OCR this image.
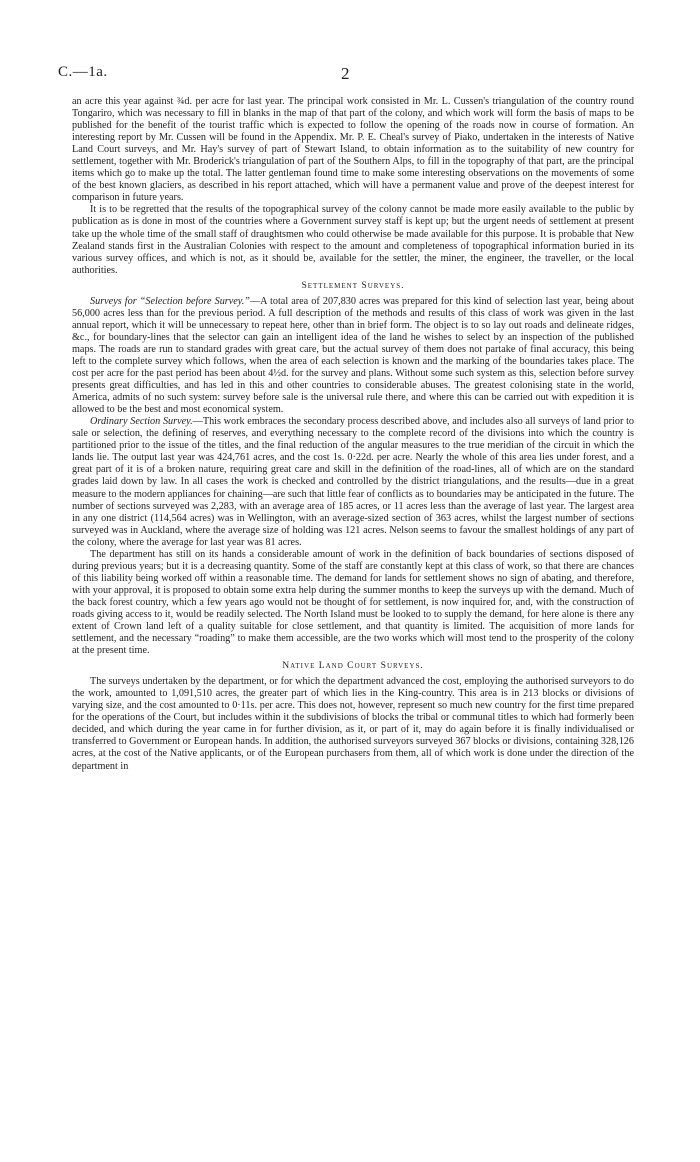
C.—1a.	2

an acre this year against ¾d. per acre for last year. The principal work consisted in Mr. L. Cussen's triangulation of the country round Tongariro, which was necessary to fill in blanks in the map of that part of the colony, and which work will form the basis of maps to be published for the benefit of the tourist traffic which is expected to follow the opening of the roads now in course of formation. An interesting report by Mr. Cussen will be found in the Appendix. Mr. P. E. Cheal's survey of Piako, undertaken in the interests of Native Land Court surveys, and Mr. Hay's survey of part of Stewart Island, to obtain information as to the suitability of new country for settlement, together with Mr. Broderick's triangulation of part of the Southern Alps, to fill in the topography of that part, are the principal items which go to make up the total. The latter gentleman found time to make some interesting observations on the movements of some of the best known glaciers, as described in his report attached, which will have a permanent value and prove of the deepest interest for comparison in future years.

It is to be regretted that the results of the topographical survey of the colony cannot be made more easily available to the public by publication as is done in most of the countries where a Government survey staff is kept up; but the urgent needs of settlement at present take up the whole time of the small staff of draughtsmen who could otherwise be made available for this purpose. It is probable that New Zealand stands first in the Australian Colonies with respect to the amount and completeness of topographical information buried in its various survey offices, and which is not, as it should be, available for the settler, the miner, the engineer, the traveller, or the local authorities.

Settlement Surveys.

Surveys for “Selection before Survey.”—A total area of 207,830 acres was prepared for this kind of selection last year, being about 56,000 acres less than for the previous period. A full description of the methods and results of this class of work was given in the last annual report, which it will be unnecessary to repeat here, other than in brief form. The object is to so lay out roads and delineate ridges, &c., for boundary-lines that the selector can gain an intelligent idea of the land he wishes to select by an inspection of the published maps. The roads are run to standard grades with great care, but the actual survey of them does not partake of final accuracy, this being left to the complete survey which follows, when the area of each selection is known and the marking of the boundaries takes place. The cost per acre for the past period has been about 4½d. for the survey and plans. Without some such system as this, selection before survey presents great difficulties, and has led in this and other countries to considerable abuses. The greatest colonising state in the world, America, admits of no such system: survey before sale is the universal rule there, and where this can be carried out with expedition it is allowed to be the best and most economical system.

Ordinary Section Survey.—This work embraces the secondary process described above, and includes also all surveys of land prior to sale or selection, the defining of reserves, and everything necessary to the complete record of the divisions into which the country is partitioned prior to the issue of the titles, and the final reduction of the angular measures to the true meridian of the circuit in which the lands lie. The output last year was 424,761 acres, and the cost 1s. 0·22d. per acre. Nearly the whole of this area lies under forest, and a great part of it is of a broken nature, requiring great care and skill in the definition of the road-lines, all of which are on the standard grades laid down by law. In all cases the work is checked and controlled by the district triangulations, and the results—due in a great measure to the modern appliances for chaining—are such that little fear of conflicts as to boundaries may be anticipated in the future. The number of sections surveyed was 2,283, with an average area of 185 acres, or 11 acres less than the average of last year. The largest area in any one district (114,564 acres) was in Wellington, with an average-sized section of 363 acres, whilst the largest number of sections surveyed was in Auckland, where the average size of holding was 121 acres. Nelson seems to favour the smallest holdings of any part of the colony, where the average for last year was 81 acres.

The department has still on its hands a considerable amount of work in the definition of back boundaries of sections disposed of during previous years; but it is a decreasing quantity. Some of the staff are constantly kept at this class of work, so that there are chances of this liability being worked off within a reasonable time. The demand for lands for settlement shows no sign of abating, and therefore, with your approval, it is proposed to obtain some extra help during the summer months to keep the surveys up with the demand. Much of the back forest country, which a few years ago would not be thought of for settlement, is now inquired for, and, with the construction of roads giving access to it, would be readily selected. The North Island must be looked to to supply the demand, for here alone is there any extent of Crown land left of a quality suitable for close settlement, and that quantity is limited. The acquisition of more lands for settlement, and the necessary “roading” to make them accessible, are the two works which will most tend to the prosperity of the colony at the present time.

Native Land Court Surveys.

The surveys undertaken by the department, or for which the department advanced the cost, employing the authorised surveyors to do the work, amounted to 1,091,510 acres, the greater part of which lies in the King-country. This area is in 213 blocks or divisions of varying size, and the cost amounted to 0·11s. per acre. This does not, however, represent so much new country for the first time prepared for the operations of the Court, but includes within it the subdivisions of blocks the tribal or communal titles to which had formerly been decided, and which during the year came in for further division, as it, or part of it, may do again before it is finally individualised or transferred to Government or European hands. In addition, the authorised surveyors surveyed 367 blocks or divisions, containing 328,126 acres, at the cost of the Native applicants, or of the European purchasers from them, all of which work is done under the direction of the department in
